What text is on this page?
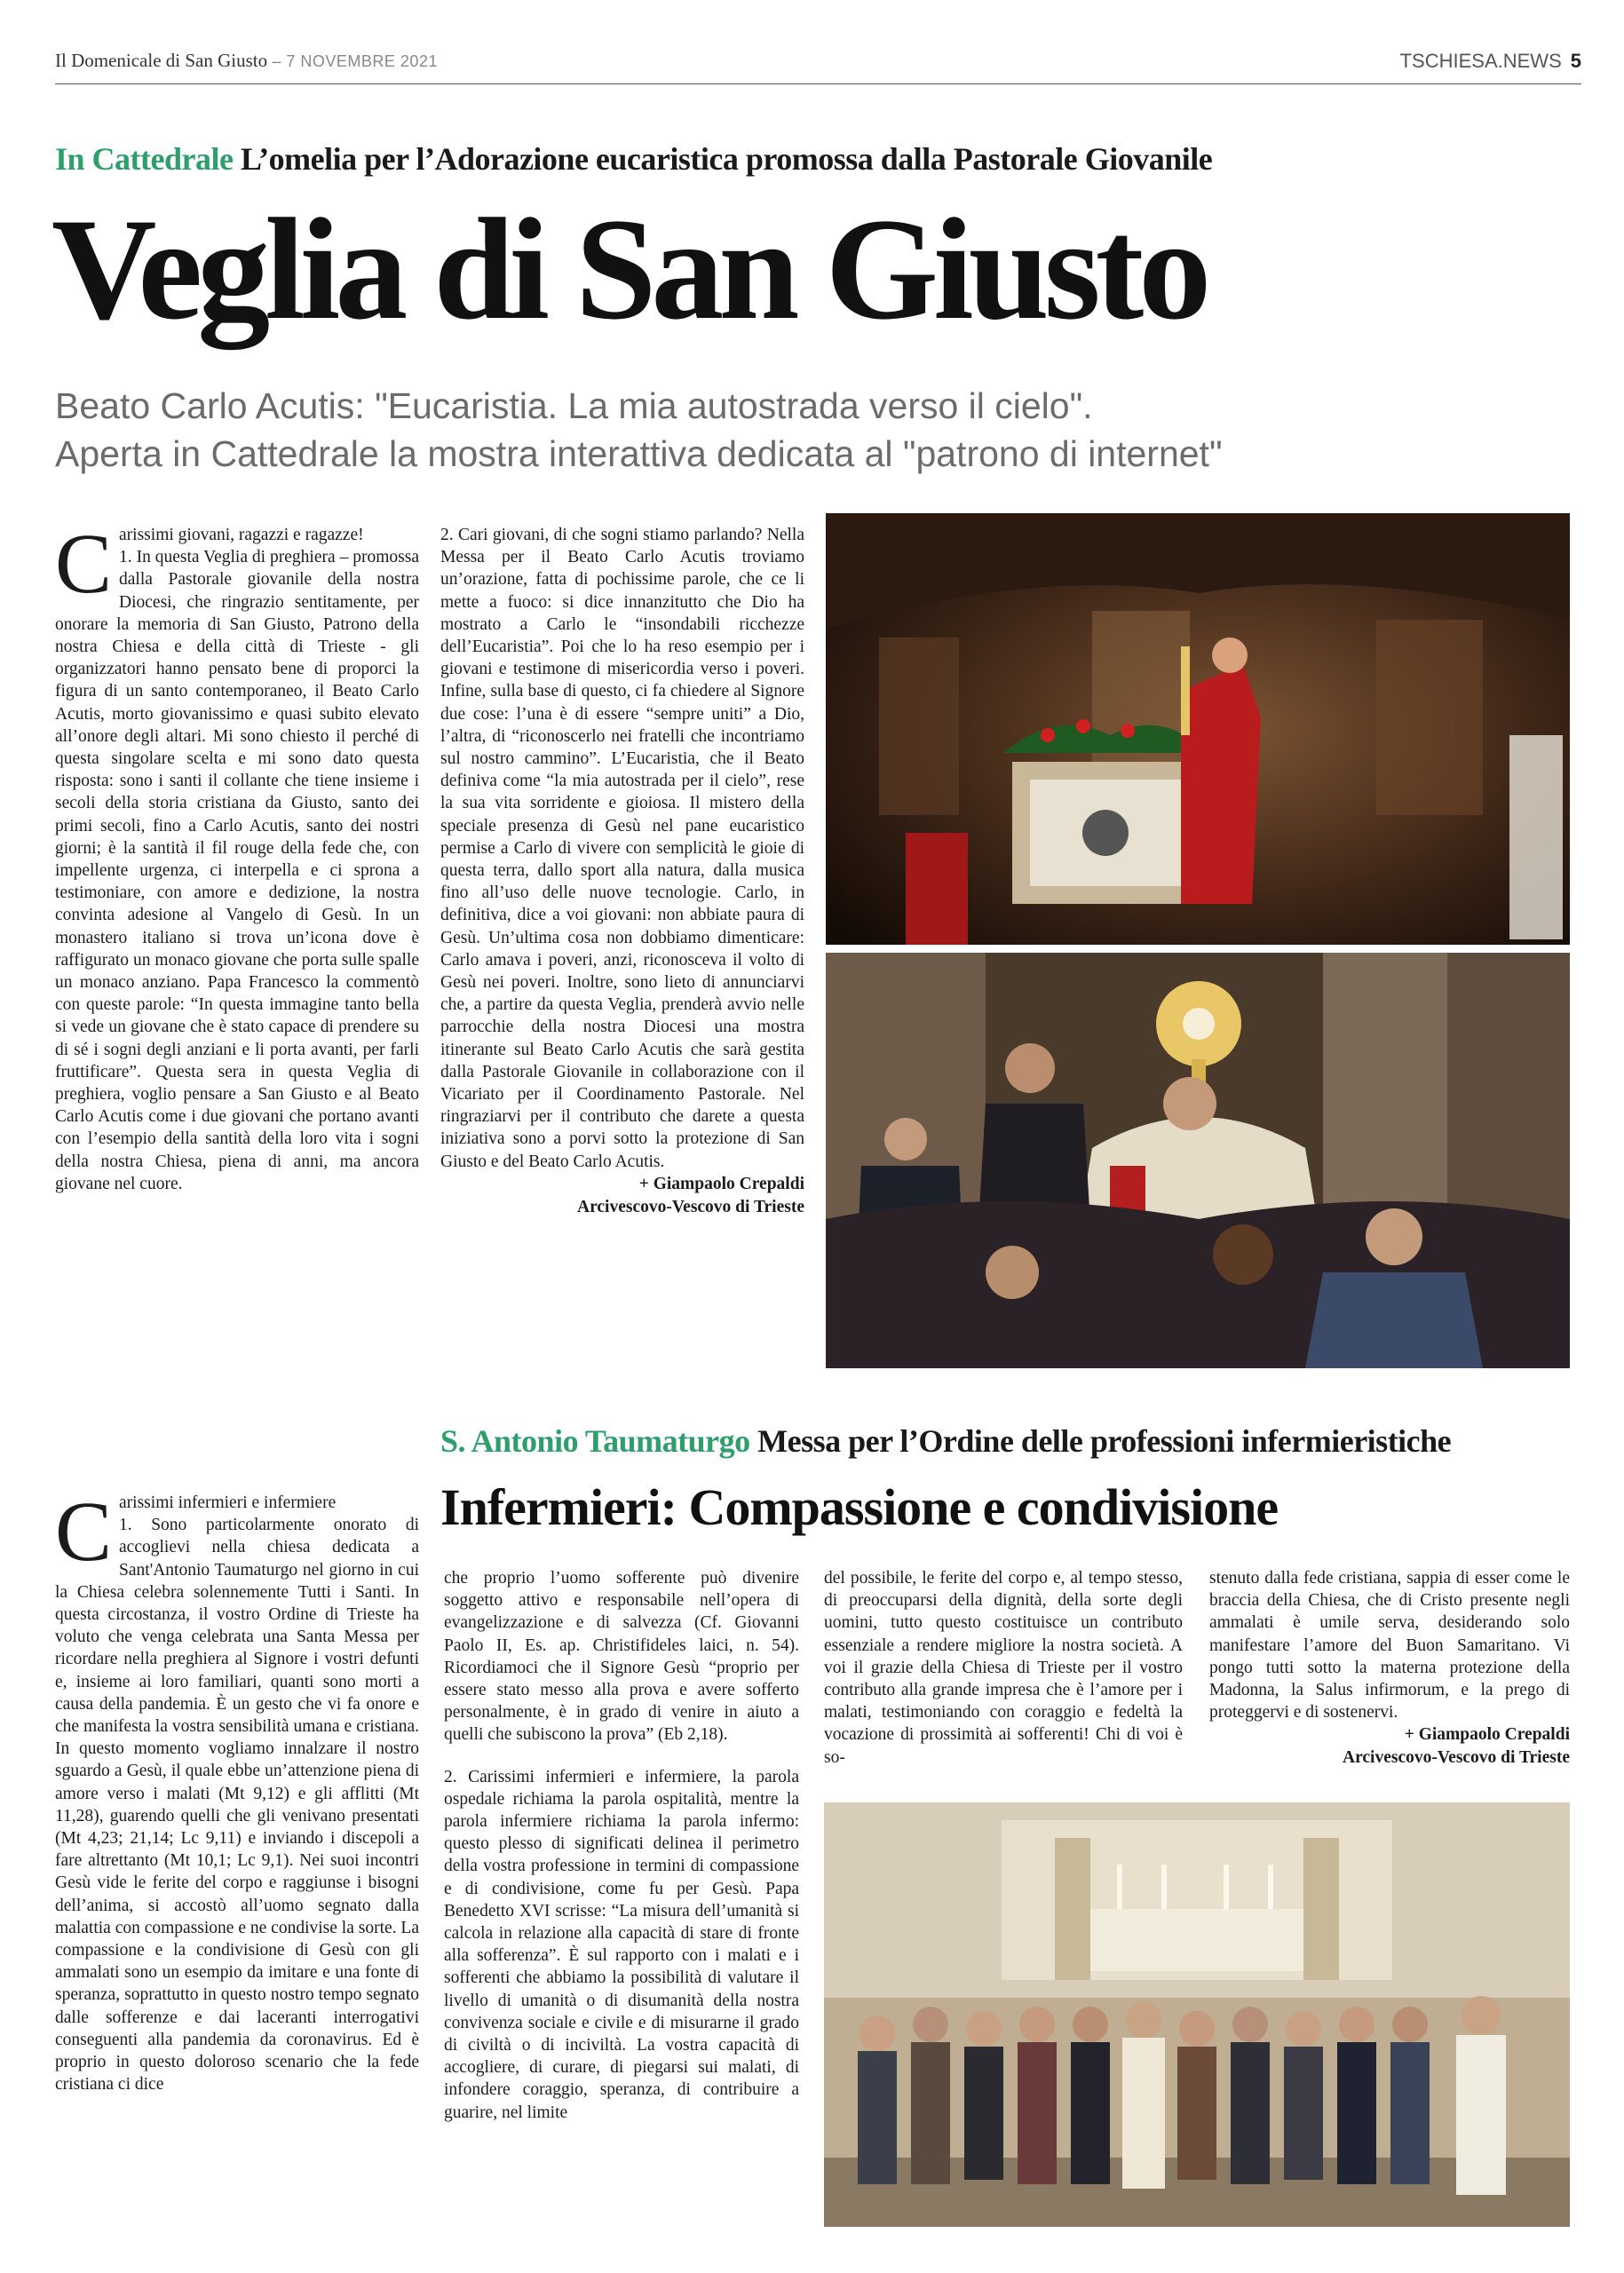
Il Domenicale di San Giusto – 7 NOVEMBRE 2021	TSCHIESA.NEWS 5
In Cattedrale L’omelia per l’Adorazione eucaristica promossa dalla Pastorale Giovanile
Veglia di San Giusto
Beato Carlo Acutis: "Eucaristia. La mia autostrada verso il cielo".
Aperta in Cattedrale la mostra interattiva dedicata al "patrono di internet"
C arissimi giovani, ragazzi e ragazze!

1. In questa Veglia di preghiera – promossa dalla Pastorale giovanile della nostra Diocesi, che ringrazio sentitamente, per onorare la memoria di San Giusto, Patrono della nostra Chiesa e della città di Trieste - gli organizzatori hanno pensato bene di proporci la figura di un santo contemporaneo, il Beato Carlo Acutis, morto giovanissimo e quasi subito elevato all’onore degli altari. Mi sono chiesto il perché di questa singolare scelta e mi sono dato questa risposta: sono i santi il collante che tiene insieme i secoli della storia cristiana da Giusto, santo dei primi secoli, fino a Carlo Acutis, santo dei nostri giorni; è la santità il fil rouge della fede che, con impellente urgenza, ci interpella e ci sprona a testimoniare, con amore e dedizione, la nostra convinta adesione al Vangelo di Gesù. In un monastero italiano si trova un’icona dove è raffigurato un monaco giovane che porta sulle spalle un monaco anziano. Papa Francesco la commentò con queste parole: “In questa immagine tanto bella si vede un giovane che è stato capace di prendere su di sé i sogni degli anziani e li porta avanti, per farli fruttificare”. Questa sera in questa Veglia di preghiera, voglio pensare a San Giusto e al Beato Carlo Acutis come i due giovani che portano avanti con l’esempio della santità della loro vita i sogni della nostra Chiesa, piena di anni, ma ancora giovane nel cuore.

2. Cari giovani, di che sogni stiamo parlando? Nella Messa per il Beato Carlo Acutis troviamo un’orazione, fatta di pochissime parole, che ce li mette a fuoco: si dice innanzitutto che Dio ha mostrato a Carlo le “insondabili ricchezze dell’Eucaristia”. Poi che lo ha reso esempio per i giovani e testimone di misericordia verso i poveri. Infine, sulla base di questo, ci fa chiedere al Signore due cose: l’una è di essere “sempre uniti” a Dio, l’altra, di “riconoscerlo nei fratelli che incontriamo sul nostro cammino”. L’Eucaristia, che il Beato definiva come “la mia autostrada per il cielo”, rese la sua vita sorridente e gioiosa. Il mistero della speciale presenza di Gesù nel pane eucaristico permise a Carlo di vivere con semplicità le gioie di questa terra, dallo sport alla natura, dalla musica fino all’uso delle nuove tecnologie. Carlo, in definitiva, dice a voi giovani: non abbiate paura di Gesù. Un’ultima cosa non dobbiamo dimenticare: Carlo amava i poveri, anzi, riconosceva il volto di Gesù nei poveri. Inoltre, sono lieto di annunciarvi che, a partire da questa Veglia, prenderà avvio nelle parrocchie della nostra Diocesi una mostra itinerante sul Beato Carlo Acutis che sarà gestita dalla Pastorale Giovanile in collaborazione con il Vicariato per il Coordinamento Pastorale. Nel ringraziarvi per il contributo che darete a questa iniziativa sono a porvi sotto la protezione di San Giusto e del Beato Carlo Acutis.

+ Giampaolo Crepaldi
Arcivescovo-Vescovo di Trieste
S. Antonio Taumaturgo Messa per l’Ordine delle professioni infermieristiche
Infermieri: Compassione e condivisione
C arissimi infermieri e infermiere

1. Sono particolarmente onorato di accoglievi nella chiesa dedicata a Sant'Antonio Taumaturgo nel giorno in cui la Chiesa celebra solennemente Tutti i Santi. In questa circostanza, il vostro Ordine di Trieste ha voluto che venga celebrata una Santa Messa per ricordare nella preghiera al Signore i vostri defunti e, insieme ai loro familiari, quanti sono morti a causa della pandemia. È un gesto che vi fa onore e che manifesta la vostra sensibilità umana e cristiana. In questo momento vogliamo innalzare il nostro sguardo a Gesù, il quale ebbe un’attenzione piena di amore verso i malati (Mt 9,12) e gli afflitti (Mt 11,28), guarendo quelli che gli venivano presentati (Mt 4,23; 21,14; Lc 9,11) e inviando i discepoli a fare altrettanto (Mt 10,1; Lc 9,1). Nei suoi incontri Gesù vide le ferite del corpo e raggiunse i bisogni dell’anima, si accostò all’uomo segnato dalla malattia con compassione e ne condivise la sorte. La compassione e la condivisione di Gesù con gli ammalati sono un esempio da imitare e una fonte di speranza, soprattutto in questo nostro tempo segnato dalle sofferenze e dai laceranti interrogativi conseguenti alla pandemia da coronavirus. Ed è proprio in questo doloroso scenario che la fede cristiana ci dice

che proprio l’uomo sofferente può divenire soggetto attivo e responsabile nell’opera di evangelizzazione e di salvezza (Cf. Giovanni Paolo II, Es. ap. Christifideles laici, n. 54). Ricordiamoci che il Signore Gesù “proprio per essere stato messo alla prova e avere sofferto personalmente, è in grado di venire in aiuto a quelli che subiscono la prova” (Eb 2,18).

2. Carissimi infermieri e infermiere, la parola ospedale richiama la parola ospitalità, mentre la parola infermiere richiama la parola infermo: questo plesso di significati delinea il perimetro della vostra professione in termini di compassione e di condivisione, come fu per Gesù. Papa Benedetto XVI scrisse: “La misura dell’umanità si calcola in relazione alla capacità di stare di fronte alla sofferenza”. È sul rapporto con i malati e i sofferenti che abbiamo la possibilità di valutare il livello di umanità o di disumanità della nostra convivenza sociale e civile e di misurarne il grado di civiltà o di inciviltà. La vostra capacità di accogliere, di curare, di piegarsi sui malati, di infondere coraggio, speranza, di contribuire a guarire, nel limite

del possibile, le ferite del corpo e, al tempo stesso, di preoccuparsi della dignità, della sorte degli uomini, tutto questo costituisce un contributo essenziale a rendere migliore la nostra società. A voi il grazie della Chiesa di Trieste per il vostro contributo alla grande impresa che è l’amore per i malati, testimoniando con coraggio e fedeltà la vocazione di prossimità ai sofferenti! Chi di voi è so-

stenuto dalla fede cristiana, sappia di esser come le braccia della Chiesa, che di Cristo presente negli ammalati è umile serva, desiderando solo manifestare l’amore del Buon Samaritano. Vi pongo tutti sotto la materna protezione della Madonna, la Salus infirmorum, e la prego di proteggervi e di sostenervi.

+ Giampaolo Crepaldi
Arcivescovo-Vescovo di Trieste
